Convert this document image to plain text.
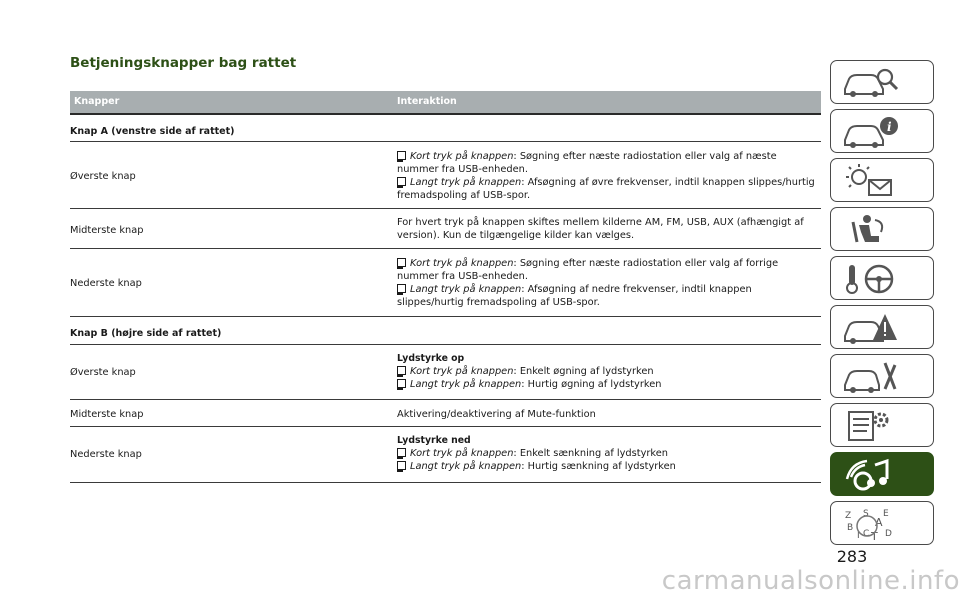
Betjeningsknapper bag rattet
Knapper	Interaktion
Knap A (venstre side af rattet)
Øverste knap
Kort tryk på knappen: Søgning efter næste radiostation eller valg af næste
nummer fra USB-enheden.
Langt tryk på knappen: Afsøgning af øvre frekvenser, indtil knappen slippes/hurtig
fremadspoling af USB-spor.
Midterste knap
For hvert tryk på knappen skiftes mellem kilderne AM, FM, USB, AUX (afhængigt af
version). Kun de tilgængelige kilder kan vælges.
Nederste knap
Kort tryk på knappen: Søgning efter næste radiostation eller valg af forrige
nummer fra USB-enheden.
Langt tryk på knappen: Afsøgning af nedre frekvenser, indtil knappen
slippes/hurtig fremadspoling af USB-spor.
Knap B (højre side af rattet)
Øverste knap
Lydstyrke op
Kort tryk på knappen: Enkelt øgning af lydstyrken
Langt tryk på knappen: Hurtig øgning af lydstyrken
Midterste knap	Aktivering/deaktivering af Mute-funktion
Nederste knap
Lydstyrke ned
Kort tryk på knappen: Enkelt sænkning af lydstyrken
Langt tryk på knappen: Hurtig sænkning af lydstyrken
i
Z S E
A
B
I C T D
283
carmanualsonline.info
